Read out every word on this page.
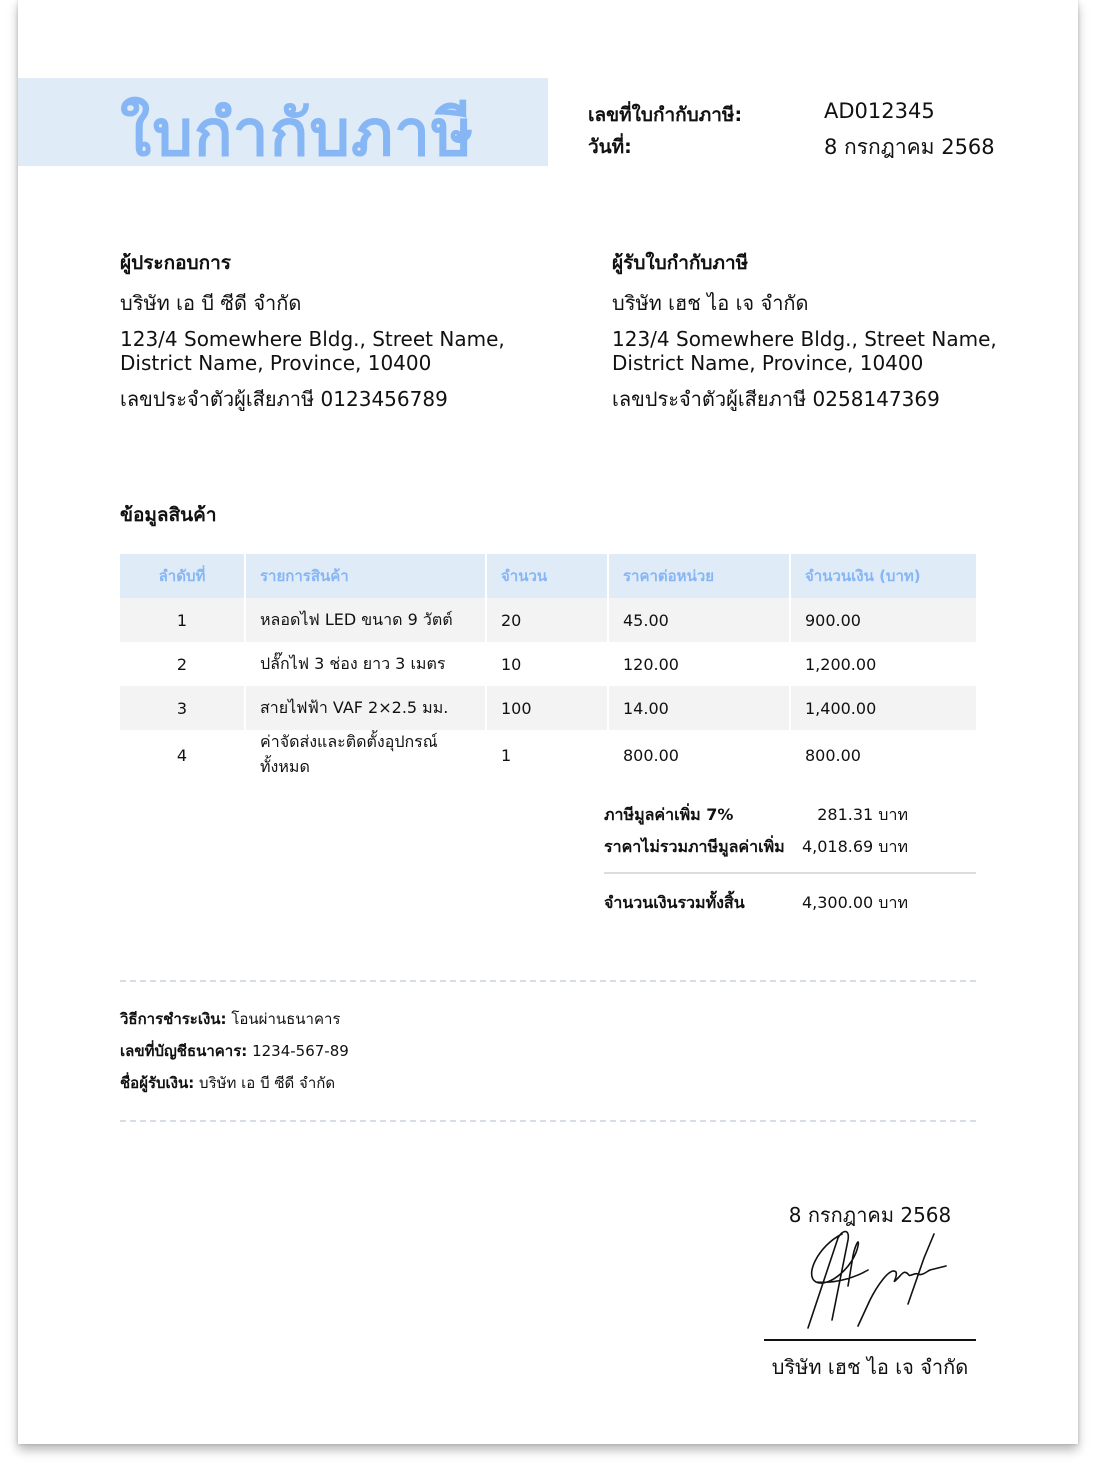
ใบกำกับภาษี	เลขที่ใบกำกับภาษี:	AD012345
วันที่:	8 กรกฎาคม 2568
ผู้ประกอบการ
บริษัท เอ บี ซีดี จำกัด
123/4 Somewhere Bldg., Street Name,
District Name, Province, 10400
เลขประจำตัวผู้เสียภาษี 0123456789
ผู้รับใบกำกับภาษี
บริษัท เฮช ไอ เจ จำกัด
123/4 Somewhere Bldg., Street Name,
District Name, Province, 10400
เลขประจำตัวผู้เสียภาษี 0258147369
ข้อมูลสินค้า
ลำดับที่	รายการสินค้า	จำนวน	ราคาต่อหน่วย	จำนวนเงิน (บาท)
1	หลอดไฟ LED ขนาด 9 วัตต์	20	45.00	900.00
2	ปลั๊กไฟ 3 ช่อง ยาว 3 เมตร	10	120.00	1,200.00
3	สายไฟฟ้า VAF 2×2.5 มม.	100	14.00	1,400.00
4	ค่าจัดส่งและติดตั้งอุปกรณ์ทั้งหมด	1	800.00	800.00
ภาษีมูลค่าเพิ่ม 7%	281.31 บาท
ราคาไม่รวมภาษีมูลค่าเพิ่ม	4,018.69 บาท
จำนวนเงินรวมทั้งสิ้น	4,300.00 บาท
วิธีการชำระเงิน: โอนผ่านธนาคาร
เลขที่บัญชีธนาคาร: 1234-567-89
ชื่อผู้รับเงิน: บริษัท เอ บี ซีดี จำกัด
8 กรกฎาคม 2568
บริษัท เฮช ไอ เจ จำกัด
